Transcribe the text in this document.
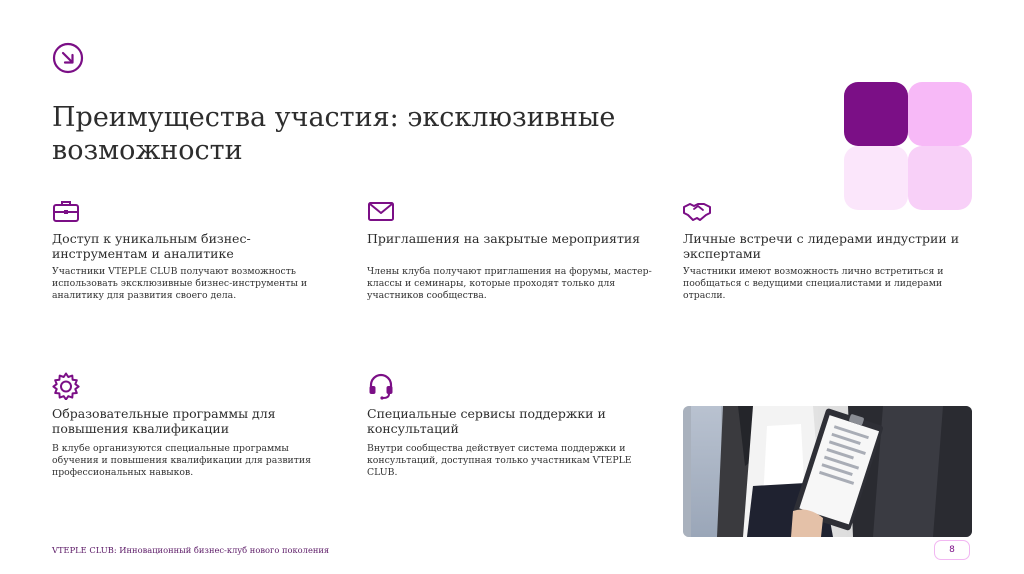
Преимущества участия: эксклюзивные возможности
Доступ к уникальным бизнес-инструментам и аналитике

Участники VTEPLE CLUB получают возможность использовать эксклюзивные бизнес-инструменты и аналитику для развития своего дела.

Приглашения на закрытые мероприятия

Члены клуба получают приглашения на форумы, мастер-классы и семинары, которые проходят только для участников сообщества.

Личные встречи с лидерами индустрии и экспертами

Участники имеют возможность лично встретиться и пообщаться с ведущими специалистами и лидерами отрасли.

Образовательные программы для повышения квалификации

В клубе организуются специальные программы обучения и повышения квалификации для развития профессиональных навыков.

Специальные сервисы поддержки и консультаций

Внутри сообщества действует система поддержки и консультаций, доступная только участникам VTEPLE CLUB.

VTEPLE CLUB: Инновационный бизнес-клуб нового поколения	8
